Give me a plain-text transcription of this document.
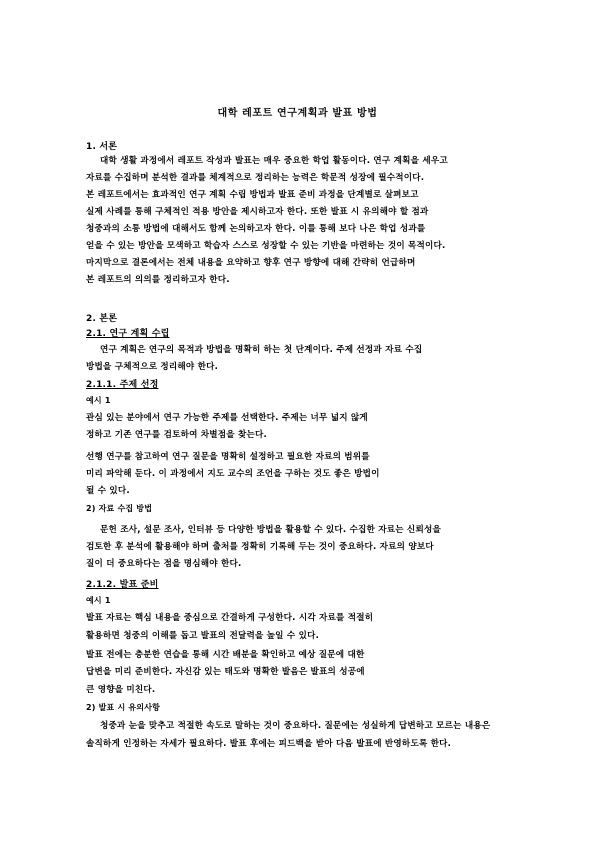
대학 레포트 연구계획과 발표 방법
1. 서론
대학 생활 과정에서 레포트 작성과 발표는 매우 중요한 학업 활동이다. 연구 계획을 세우고
자료를 수집하며 분석한 결과를 체계적으로 정리하는 능력은 학문적 성장에 필수적이다.
본 레포트에서는 효과적인 연구 계획 수립 방법과 발표 준비 과정을 단계별로 살펴보고
실제 사례를 통해 구체적인 적용 방안을 제시하고자 한다. 또한 발표 시 유의해야 할 점과
청중과의 소통 방법에 대해서도 함께 논의하고자 한다. 이를 통해 보다 나은 학업 성과를
얻을 수 있는 방안을 모색하고 학습자 스스로 성장할 수 있는 기반을 마련하는 것이 목적이다.
마지막으로 결론에서는 전체 내용을 요약하고 향후 연구 방향에 대해 간략히 언급하며
본 레포트의 의의를 정리하고자 한다.
2. 본론
2.1. 연구 계획 수립
연구 계획은 연구의 목적과 방법을 명확히 하는 첫 단계이다. 주제 선정과 자료 수집
방법을 구체적으로 정리해야 한다.
2.1.1. 주제 선정
예시 1
관심 있는 분야에서 연구 가능한 주제를 선택한다. 주제는 너무 넓지 않게
정하고 기존 연구를 검토하여 차별점을 찾는다.
선행 연구를 참고하여 연구 질문을 명확히 설정하고 필요한 자료의 범위를
미리 파악해 둔다. 이 과정에서 지도 교수의 조언을 구하는 것도 좋은 방법이
될 수 있다.
2) 자료 수집 방법
문헌 조사, 설문 조사, 인터뷰 등 다양한 방법을 활용할 수 있다. 수집한 자료는 신뢰성을
검토한 후 분석에 활용해야 하며 출처를 정확히 기록해 두는 것이 중요하다. 자료의 양보다
질이 더 중요하다는 점을 명심해야 한다.
2.1.2. 발표 준비
예시 1
발표 자료는 핵심 내용을 중심으로 간결하게 구성한다. 시각 자료를 적절히
활용하면 청중의 이해를 돕고 발표의 전달력을 높일 수 있다.
발표 전에는 충분한 연습을 통해 시간 배분을 확인하고 예상 질문에 대한
답변을 미리 준비한다. 자신감 있는 태도와 명확한 발음은 발표의 성공에
큰 영향을 미친다.
2) 발표 시 유의사항
청중과 눈을 맞추고 적절한 속도로 말하는 것이 중요하다. 질문에는 성실하게 답변하고 모르는 내용은
솔직하게 인정하는 자세가 필요하다. 발표 후에는 피드백을 받아 다음 발표에 반영하도록 한다.
